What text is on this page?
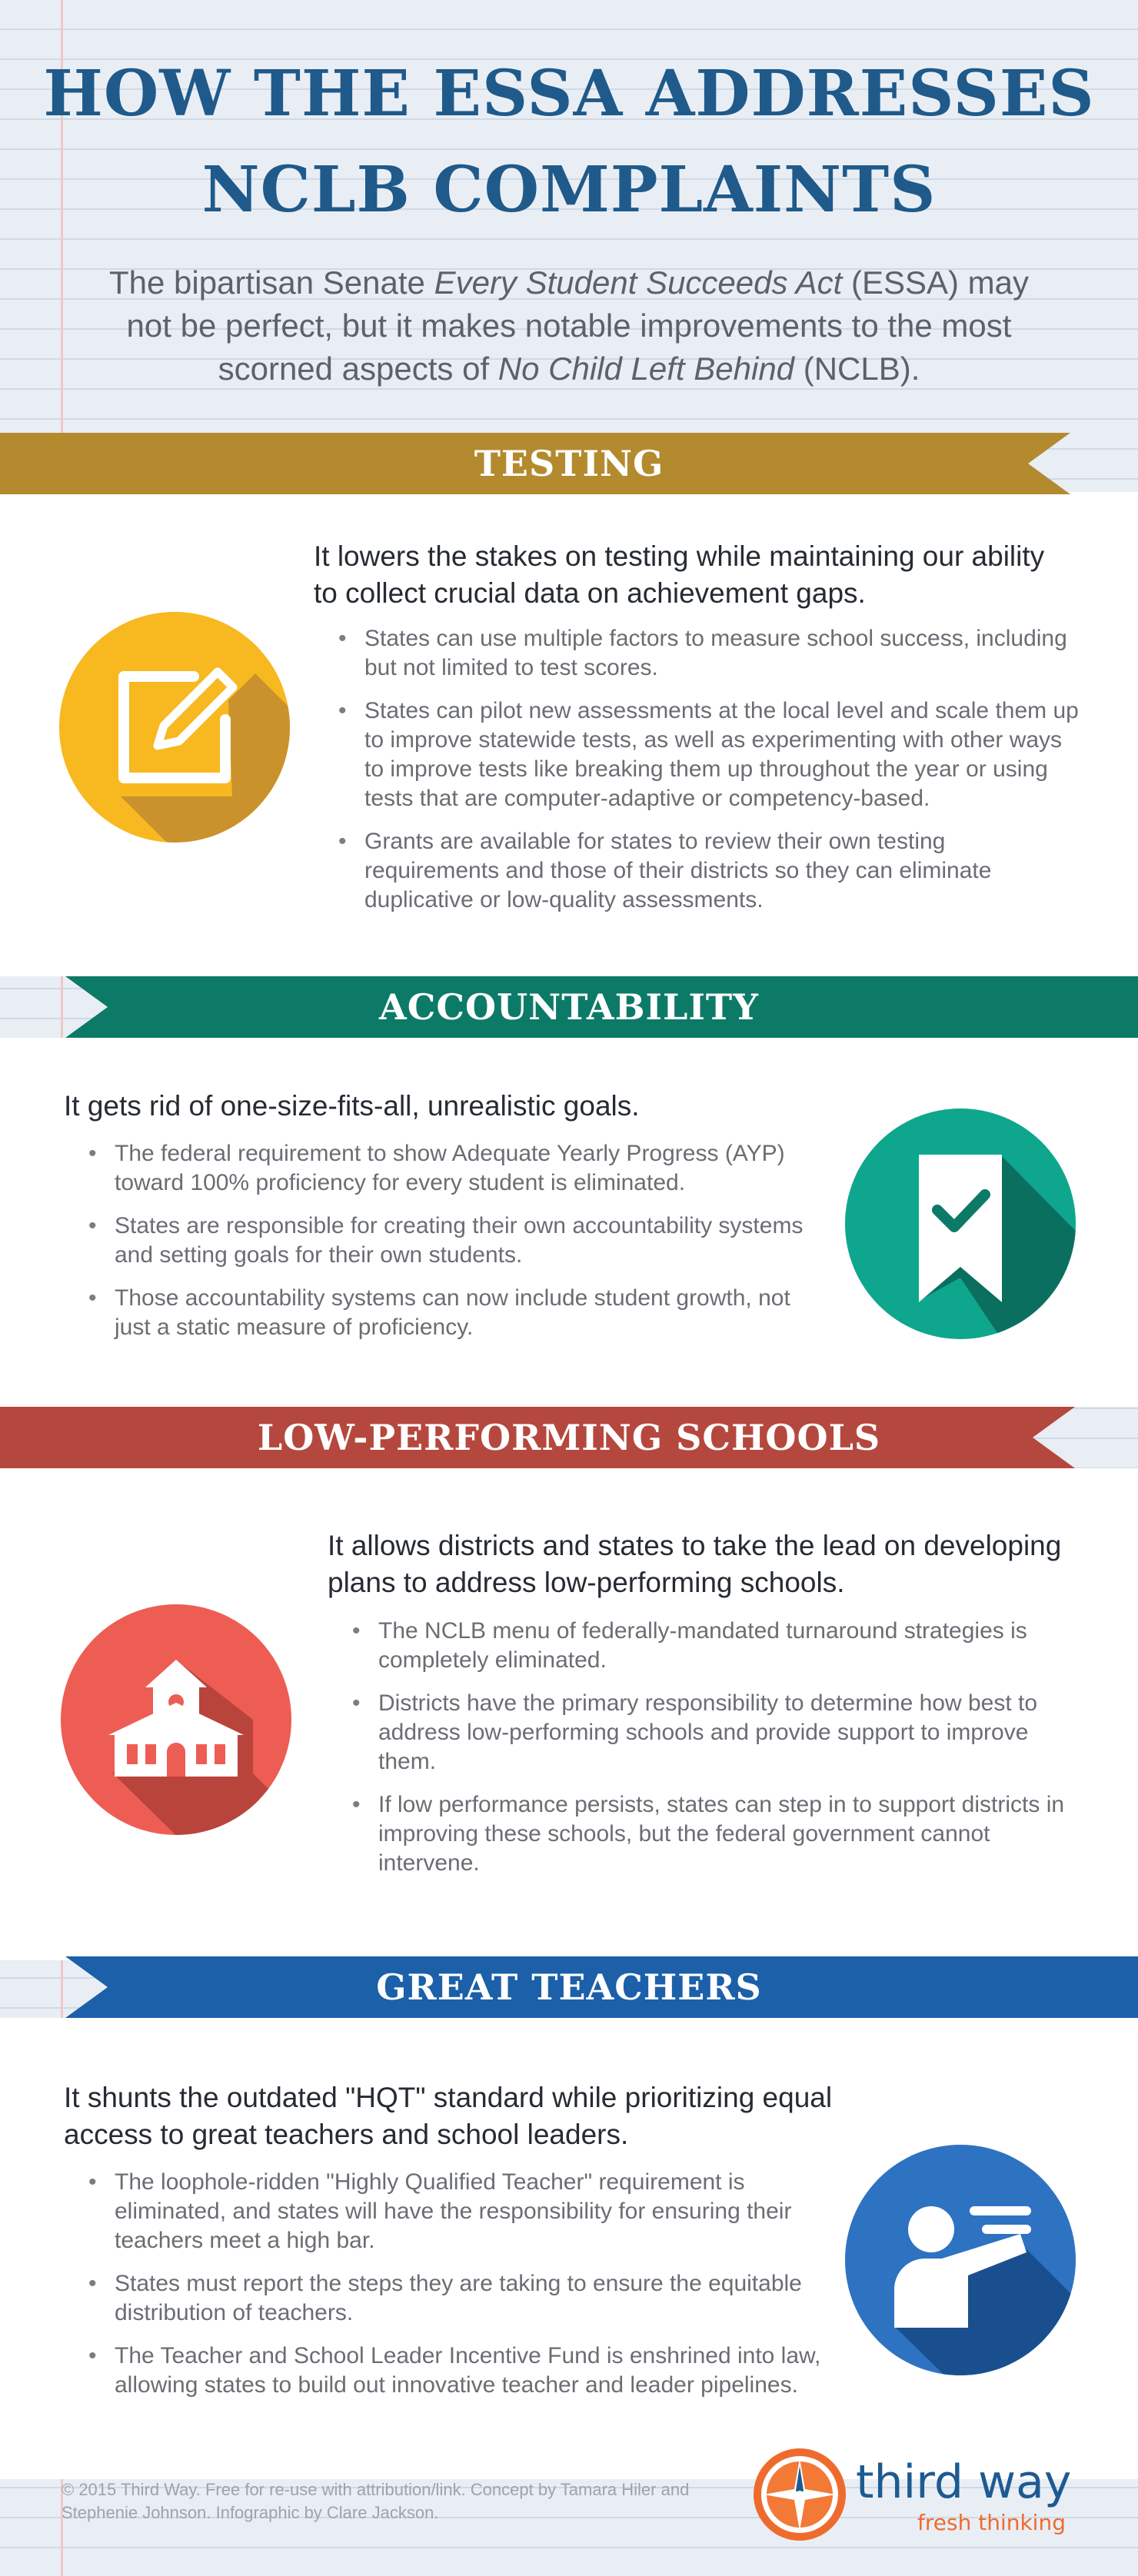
HOW THE ESSA ADDRESSES
NCLB COMPLAINTS

The bipartisan Senate Every Student Succeeds Act (ESSA) may not be perfect, but it makes notable improvements to the most scorned aspects of No Child Left Behind (NCLB).

TESTING

It lowers the stakes on testing while maintaining our ability to collect crucial data on achievement gaps.

• States can use multiple factors to measure school success, including but not limited to test scores.
• States can pilot new assessments at the local level and scale them up to improve statewide tests, as well as experimenting with other ways to improve tests like breaking them up throughout the year or using tests that are computer-adaptive or competency-based.
• Grants are available for states to review their own testing requirements and those of their districts so they can eliminate duplicative or low-quality assessments.
ACCOUNTABILITY

It gets rid of one-size-fits-all, unrealistic goals.

• The federal requirement to show Adequate Yearly Progress (AYP) toward 100% proficiency for every student is eliminated.
• States are responsible for creating their own accountability systems and setting goals for their own students.
• Those accountability systems can now include student growth, not just a static measure of proficiency.
LOW-PERFORMING SCHOOLS

It allows districts and states to take the lead on developing plans to address low-performing schools.

• The NCLB menu of federally-mandated turnaround strategies is completely eliminated.
• Districts have the primary responsibility to determine how best to address low-performing schools and provide support to improve them.
• If low performance persists, states can step in to support districts in improving these schools, but the federal government cannot intervene.
GREAT TEACHERS

It shunts the outdated "HQT" standard while prioritizing equal access to great teachers and school leaders.

• The loophole-ridden "Highly Qualified Teacher" requirement is eliminated, and states will have the responsibility for ensuring their teachers meet a high bar.
• States must report the steps they are taking to ensure the equitable distribution of teachers.
• The Teacher and School Leader Incentive Fund is enshrined into law, allowing states to build out innovative teacher and leader pipelines.

© 2015 Third Way. Free for re-use with attribution/link. Concept by Tamara Hiler and Stephenie Johnson. Infographic by Clare Jackson.

third way
fresh thinking
